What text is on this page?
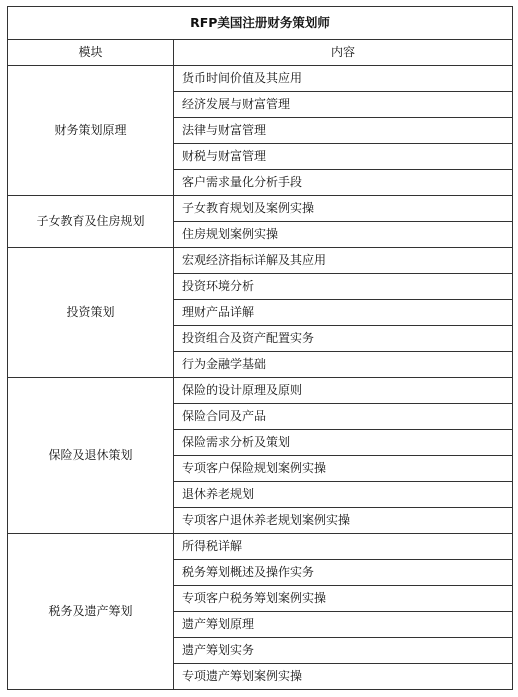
RFP美国注册财务策划师	
模块	内容
财务策划原理	货币时间价值及其应用
	经济发展与财富管理
	法律与财富管理
	财税与财富管理
	客户需求量化分析手段
子女教育及住房规划	子女教育规划及案例实操
	住房规划案例实操
投资策划	宏观经济指标详解及其应用
	投资环境分析
	理财产品详解
	投资组合及资产配置实务
	行为金融学基础
保险及退休策划	保险的设计原理及原则
	保险合同及产品
	保险需求分析及策划
	专项客户保险规划案例实操
	退休养老规划
	专项客户退休养老规划案例实操
税务及遗产筹划	所得税详解
	税务筹划概述及操作实务
	专项客户税务筹划案例实操
	遗产筹划原理
	遗产筹划实务
	专项遗产筹划案例实操
